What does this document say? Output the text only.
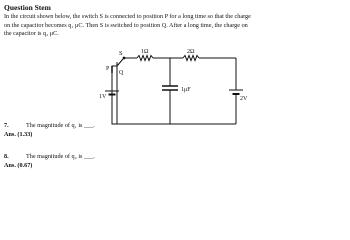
Question Stem

In the circuit shown below, the switch S is connected to position P for a long time so that the charge

on the capacitor becomes q₁ μC. Then S is switched to position Q. After a long time, the charge on

the capacitor is q₂ μC.

S
P
Q
1Ω	2Ω
1μF
1V	2V
7.	The magnitude of q₁ is ___.
Ans. (1.33)
8.	The magnitude of q₂ is ___.
Ans. (0.67)
